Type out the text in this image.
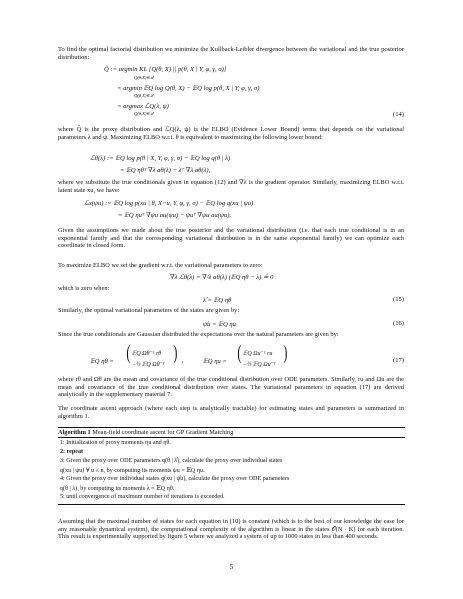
To find the optimal factorial distribution we minimize the Kullback-Leibler divergence between the variational and the true posterior distribution:
Q̂ := argmin KL [Q(θ, X) || p(θ, X | Y, φ, γ, σ)]
Q(θ,X)∈𝒬
= argmin 𝔼Q log Q(θ, X) − 𝔼Q log p(θ, X | Y, φ, γ, σ)
Q(θ,X)∈𝒬
= argmax ℒQ(λ, ψ)
Q(θ,X)∈𝒬	(14)
where Q̂ is the proxy distribution and ℒQ(λ, ψ) is the ELBO (Evidence Lower Bound) terms that depends on the variational parameters λ and ψ. Maximizing ELBO w.r.t. θ is equivalent to maximizing the following lower bound:
ℒθ(λ) := 𝔼Q log p(θ | X, Y, φ, γ, σ) − 𝔼Q log q(θ | λ)
= 𝔼Q ηθᵀ ∇λ aθ(λ) − λᵀ ∇λ aθ(λ),
where we substitute the true conditionals given in equation (12) and ∇λ is the gradient operator. Similarly, maximizing ELBO w.r.t. latent state xu, we have:
ℒx(ψu) := 𝔼Q log p(xu | θ, X−u, Y, φ, γ, σ) − 𝔼Q log q(xu | ψu)
= 𝔼Q ηuᵀ ∇ψu au(ψu) − ψuᵀ ∇ψu au(ψu).
Given the assumptions we made about the true posterior and the variational distribution (i.e. that each true conditional is in an exponential family and that the corresponding variational distribution is in the same exponential family) we can optimize each coordinate in closed form.
To maximize ELBO we set the gradient w.r.t. the variational parameters to zero:
∇λ ℒθ(λ) = ∇²λ aθ(λ) (𝔼Q ηθ − λ) ≟ 0
which is zero when:
λ̂ = 𝔼Q ηθ	(15)
Similarly, the optimal variational parameters of the states are given by:
ψ̂u = 𝔼Q ηu	(16)
Since the true conditionals are Gaussian distributed the expectations over the natural parameters are given by:
𝔼Q ηθ = ( 𝔼Q Ωθ⁻¹ rθ
−½ 𝔼Q Ωθ⁻¹
) ,	𝔼Q ηu = ( 𝔼Q Ωu⁻¹ ru
−½ 𝔼Q Ωu⁻¹
)	(17)
where rθ and Ωθ are the mean and covariance of the true conditional distribution over ODE parameters. Similarly, ru and Ωu are the mean and covariance of the true conditional distribution over states. The variational parameters in equation (17) are derived analytically in the supplementary material 7.
The coordinate ascent approach (where each step is analytically tractable) for estimating states and parameters is summarized in algorithm 1.
Algorithm 1 Mean-field coordinate ascent for GP Gradient Matching
1: Initialization of proxy moments ηu and ηθ.
2: repeat
3: Given the proxy over ODE parameters q(θ | λ̂), calculate the proxy over individual states
q(xu | ψu) ∀ u ≤ n, by computing its moments ψu = 𝔼Q ηu.
4: Given the proxy over individual states q(xu | ψ̂u), calculate the proxy over ODE parameters
q(θ | λ), by computing its moments λ = 𝔼Q ηθ.
5: until convergence of maximum number of iterations is exceeded.
Assuming that the maximal number of states for each equation in (10) is constant (which is to the best of our knowledge the case for any reasonable dynamical system), the computational complexity of the algorithm is linear in the states 𝒪(N · K) for each iteration. This result is experimentally supported by figure 5 where we analyzed a system of up to 1000 states in less than 400 seconds.
5
